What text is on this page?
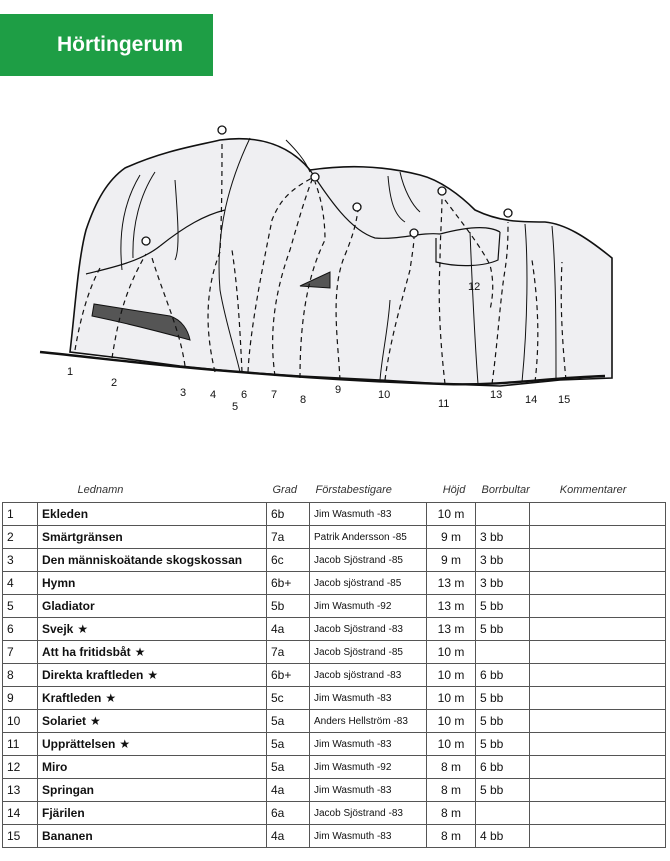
Hörtingerum
1
2
3 4
5
6 7 8
9	10
11
12
13 14 15
	Lednamn	Grad	Förstabestigare	Höjd	Borrbultar	Kommentarer
1	Ekleden	6b	Jim Wasmuth -83	10 m		
2	Smärtgränsen	7a	Patrik Andersson -85	9 m	3 bb	
3	Den människoätande skogskossan	6c	Jacob Sjöstrand -85	9 m	3 bb	
4	Hymn	6b+	Jacob sjöstrand -85	13 m	3 bb	
5	Gladiator	5b	Jim Wasmuth -92	13 m	5 bb	
6	Svejk ★	4a	Jacob Sjöstrand -83	13 m	5 bb	
7	Att ha fritidsbåt ★	7a	Jacob Sjöstrand -85	10 m		
8	Direkta kraftleden ★	6b+	Jacob sjöstrand -83	10 m	6 bb	
9	Kraftleden ★	5c	Jim Wasmuth -83	10 m	5 bb	
10	Solariet ★	5a	Anders Hellström -83	10 m	5 bb	
11	Upprättelsen ★	5a	Jim Wasmuth -83	10 m	5 bb	
12	Miro	5a	Jim Wasmuth -92	8 m	6 bb	
13	Springan	4a	Jim Wasmuth -83	8 m	5 bb	
14	Fjärilen	6a	Jacob Sjöstrand -83	8 m		
15	Bananen	4a	Jim Wasmuth -83	8 m	4 bb	
